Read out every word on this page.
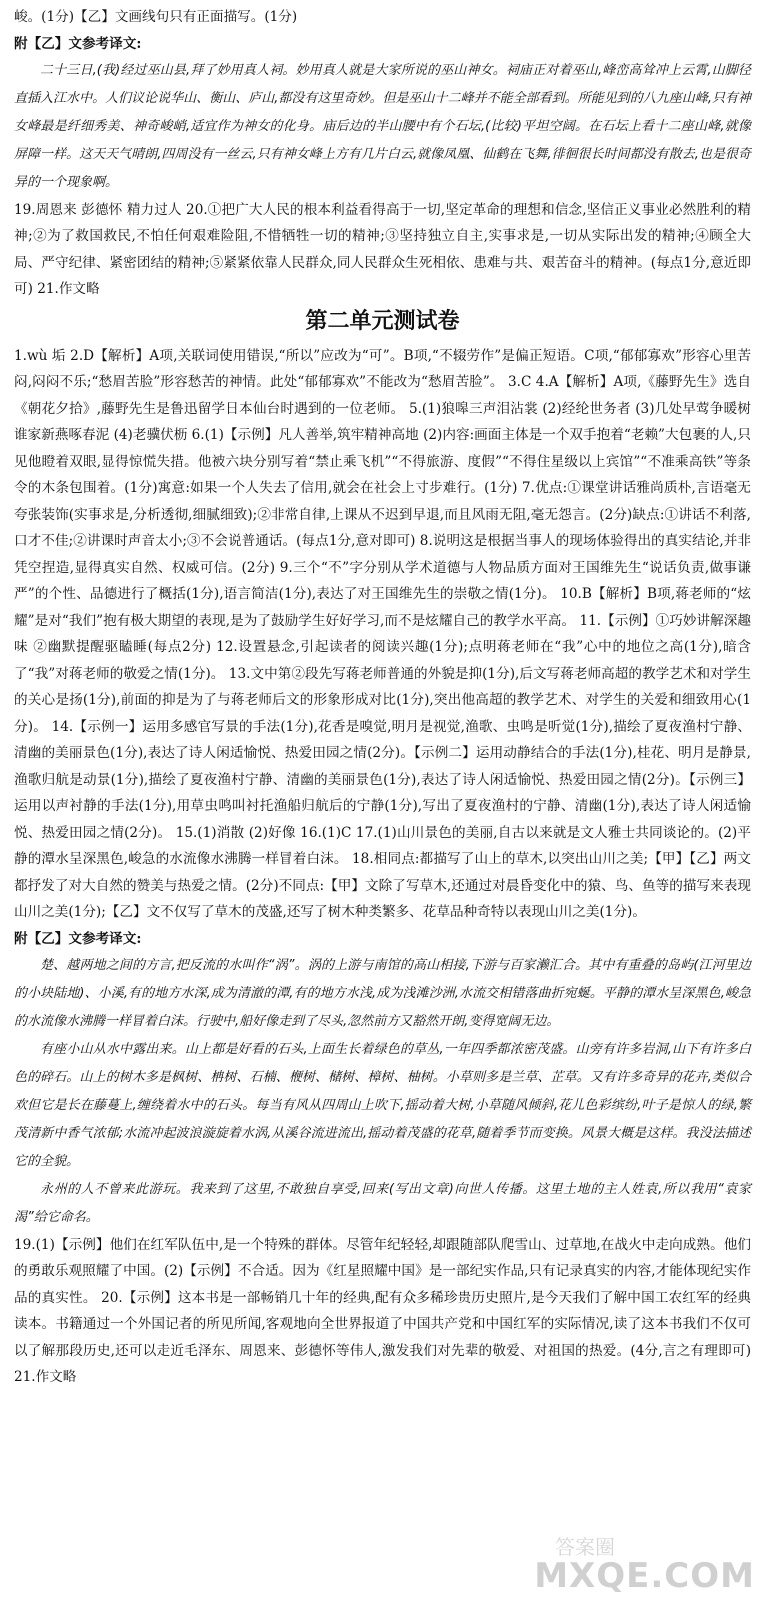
峻。(1分)【乙】文画线句只有正面描写。(1分)

附【乙】文参考译文:

二十三日,(我)经过巫山县,拜了妙用真人祠。妙用真人就是大家所说的巫山神女。祠庙正对着巫山,峰峦高耸冲上云霄,山脚径直插入江水中。人们议论说华山、衡山、庐山,都没有这里奇妙。但是巫山十二峰并不能全部看到。所能见到的八九座山峰,只有神女峰最是纤细秀美、神奇峻峭,适宜作为神女的化身。庙后边的半山腰中有个石坛,(比较)平坦空阔。在石坛上看十二座山峰,就像屏障一样。这天天气晴朗,四周没有一丝云,只有神女峰上方有几片白云,就像凤凰、仙鹤在飞舞,徘徊很长时间都没有散去,也是很奇异的一个现象啊。

19.周恩来 彭德怀 精力过人 20.①把广大人民的根本利益看得高于一切,坚定革命的理想和信念,坚信正义事业必然胜利的精神;②为了救国救民,不怕任何艰难险阻,不惜牺牲一切的精神;③坚持独立自主,实事求是,一切从实际出发的精神;④顾全大局、严守纪律、紧密团结的精神;⑤紧紧依靠人民群众,同人民群众生死相依、患难与共、艰苦奋斗的精神。(每点1分,意近即可) 21.作文略

第二单元测试卷

1.wù 垢 2.D【解析】A项,关联词使用错误,“所以”应改为“可”。B项,“不辍劳作”是偏正短语。C项,“郁郁寡欢”形容心里苦闷,闷闷不乐;“愁眉苦脸”形容愁苦的神情。此处“郁郁寡欢”不能改为“愁眉苦脸”。 3.C 4.A【解析】A项,《藤野先生》选自《朝花夕拾》,藤野先生是鲁迅留学日本仙台时遇到的一位老师。 5.(1)狼嗥三声泪沾裳 (2)经纶世务者 (3)几处早莺争暖树 谁家新燕啄春泥 (4)老骥伏枥 6.(1)【示例】凡人善举,筑牢精神高地 (2)内容:画面主体是一个双手抱着“老赖”大包裹的人,只见他瞪着双眼,显得惊慌失措。他被六块分别写着“禁止乘飞机”“不得旅游、度假”“不得住星级以上宾馆”“不准乘高铁”等条令的木条包围着。(1分)寓意:如果一个人失去了信用,就会在社会上寸步难行。(1分) 7.优点:①课堂讲话雅尚质朴,言语毫无夸张装饰(实事求是,分析透彻,细腻细致);②非常自律,上课从不迟到早退,而且风雨无阻,毫无怨言。(2分)缺点:①讲话不利落,口才不佳;②讲课时声音太小;③不会说普通话。(每点1分,意对即可) 8.说明这是根据当事人的现场体验得出的真实结论,并非凭空捏造,显得真实自然、权威可信。(2分) 9.三个“不”字分别从学术道德与人物品质方面对王国维先生“说话负责,做事谦严”的个性、品德进行了概括(1分),语言简洁(1分),表达了对王国维先生的崇敬之情(1分)。 10.B【解析】B项,蒋老师的“炫耀”是对“我们”抱有极大期望的表现,是为了鼓励学生好好学习,而不是炫耀自己的教学水平高。 11.【示例】①巧妙讲解深趣味 ②幽默提醒驱瞌睡(每点2分) 12.设置悬念,引起读者的阅读兴趣(1分);点明蒋老师在“我”心中的地位之高(1分),暗含了“我”对蒋老师的敬爱之情(1分)。 13.文中第②段先写蒋老师普通的外貌是抑(1分),后文写蒋老师高超的教学艺术和对学生的关心是扬(1分),前面的抑是为了与蒋老师后文的形象形成对比(1分),突出他高超的教学艺术、对学生的关爱和细致用心(1分)。 14.【示例一】运用多感官写景的手法(1分),花香是嗅觉,明月是视觉,渔歌、虫鸣是听觉(1分),描绘了夏夜渔村宁静、清幽的美丽景色(1分),表达了诗人闲适愉悦、热爱田园之情(2分)。【示例二】运用动静结合的手法(1分),桂花、明月是静景,渔歌归航是动景(1分),描绘了夏夜渔村宁静、清幽的美丽景色(1分),表达了诗人闲适愉悦、热爱田园之情(2分)。【示例三】运用以声衬静的手法(1分),用草虫鸣叫衬托渔船归航后的宁静(1分),写出了夏夜渔村的宁静、清幽(1分),表达了诗人闲适愉悦、热爱田园之情(2分)。 15.(1)消散 (2)好像 16.(1)C 17.(1)山川景色的美丽,自古以来就是文人雅士共同谈论的。(2)平静的潭水呈深黑色,峻急的水流像水沸腾一样冒着白沫。 18.相同点:都描写了山上的草木,以突出山川之美;【甲】【乙】两文都抒发了对大自然的赞美与热爱之情。(2分)不同点:【甲】文除了写草木,还通过对晨昏变化中的猿、鸟、鱼等的描写来表现山川之美(1分);【乙】文不仅写了草木的茂盛,还写了树木种类繁多、花草品种奇特以表现山川之美(1分)。

附【乙】文参考译文:

楚、越两地之间的方言,把反流的水叫作“涡”。涡的上游与南馆的高山相接,下游与百家濑汇合。其中有重叠的岛屿(江河里边的小块陆地)、小溪,有的地方水深,成为清澈的潭,有的地方水浅,成为浅滩沙洲,水流交相错落曲折宛蜒。平静的潭水呈深黑色,峻急的水流像水沸腾一样冒着白沫。行驶中,船好像走到了尽头,忽然前方又豁然开朗,变得宽阔无边。

有座小山从水中露出来。山上都是好看的石头,上面生长着绿色的草丛,一年四季都浓密茂盛。山旁有许多岩洞,山下有许多白色的碎石。山上的树木多是枫树、柟树、石楠、楩树、槠树、樟树、柚树。小草则多是兰草、芷草。又有许多奇异的花卉,类似合欢但它是长在藤蔓上,缠绕着水中的石头。每当有风从四周山上吹下,摇动着大树,小草随风倾斜,花儿色彩缤纷,叶子是惊人的绿,繁茂清新中香气浓郁;水流冲起波浪漩旋着水涡,从溪谷流进流出,摇动着茂盛的花草,随着季节而变换。风景大概是这样。我没法描述它的全貌。

永州的人不曾来此游玩。我来到了这里,不敢独自享受,回来(写出文章)向世人传播。这里土地的主人姓袁,所以我用“袁家渴”给它命名。

19.(1)【示例】他们在红军队伍中,是一个特殊的群体。尽管年纪轻轻,却跟随部队爬雪山、过草地,在战火中走向成熟。他们的勇敢乐观照耀了中国。(2)【示例】不合适。因为《红星照耀中国》是一部纪实作品,只有记录真实的内容,才能体现纪实作品的真实性。 20.【示例】这本书是一部畅销几十年的经典,配有众多稀珍贵历史照片,是今天我们了解中国工农红军的经典读本。书籍通过一个外国记者的所见所闻,客观地向全世界报道了中国共产党和中国红军的实际情况,读了这本书我们不仅可以了解那段历史,还可以走近毛泽东、周恩来、彭德怀等伟人,激发我们对先辈的敬爱、对祖国的热爱。(4分,言之有理即可) 21.作文略

答案圈
MXQE.COM
